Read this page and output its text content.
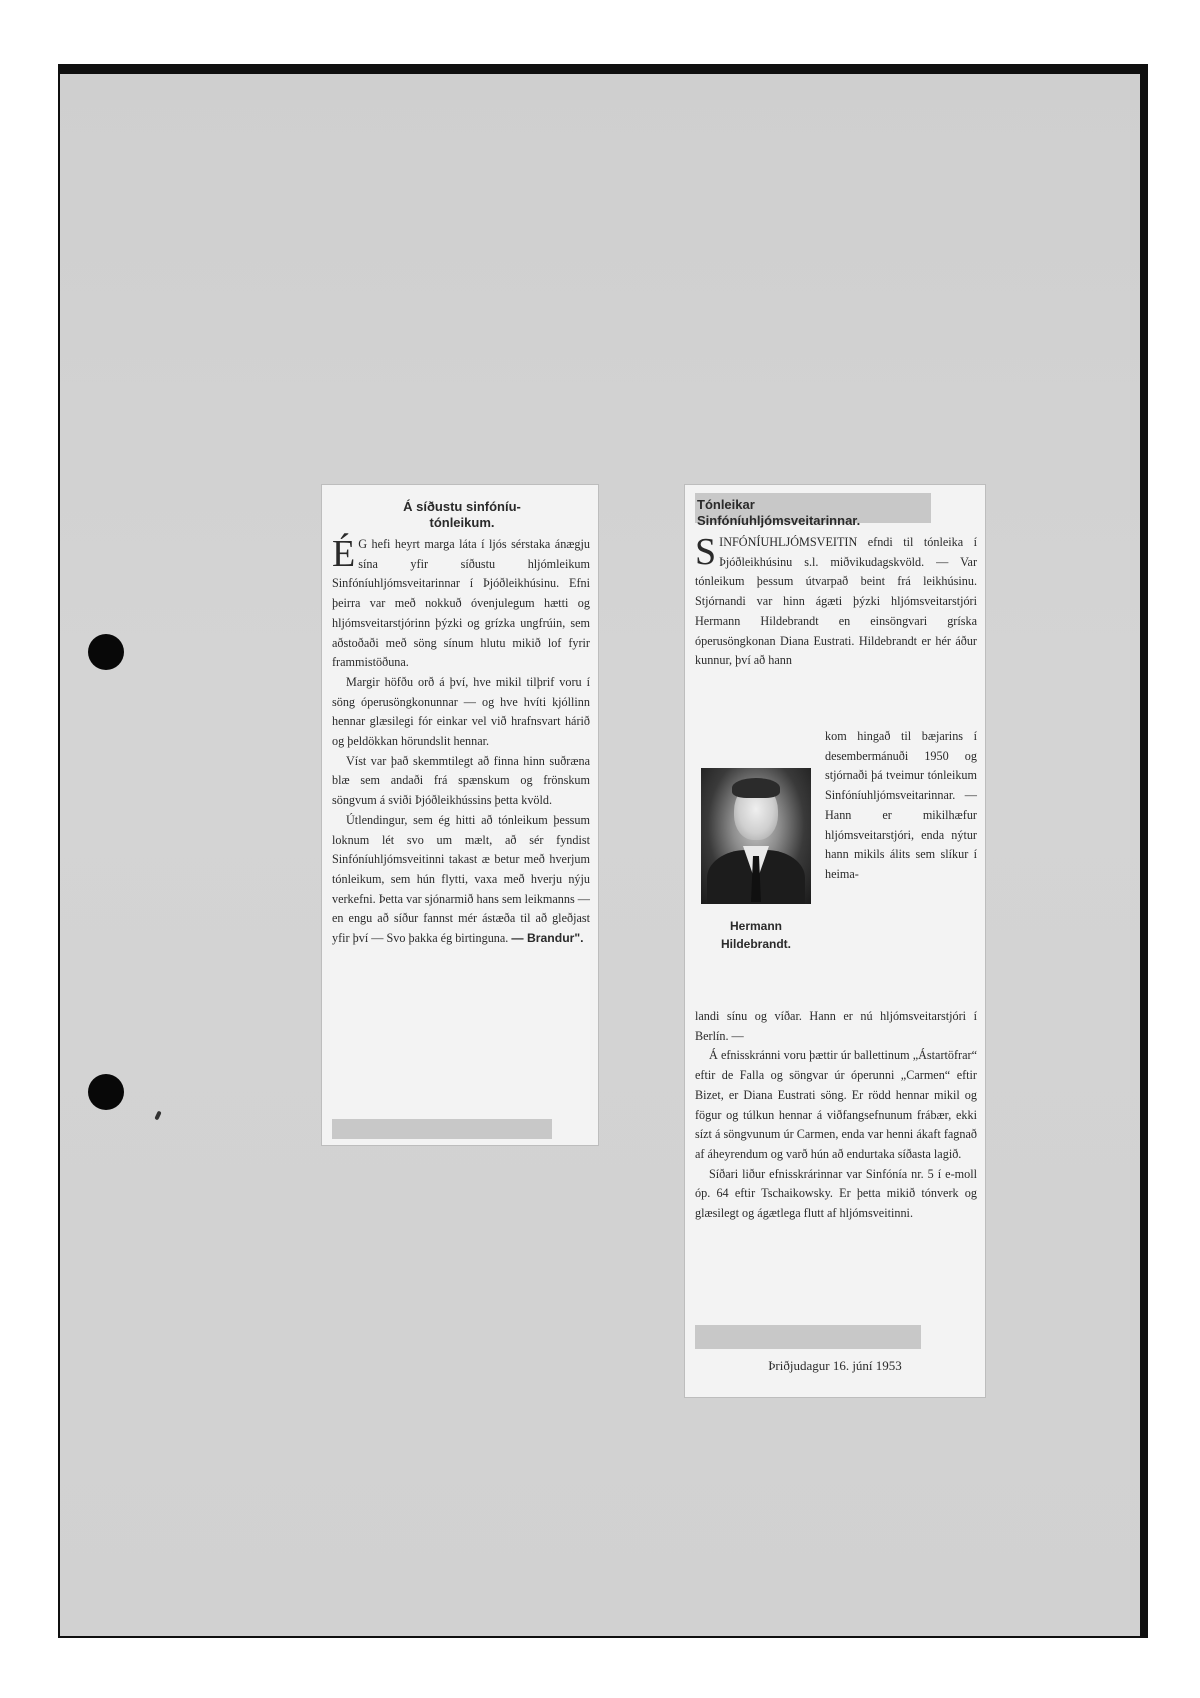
Á síðustu sinfóníu-
tónleikum.

É G hefi heyrt marga láta í ljós sérstaka ánægju sína yfir síðustu hljómleikum Sinfóníuhljómsveitarinnar í Þjóðleikhúsinu. Efni þeirra var með nokkuð óvenjulegum hætti og hljómsveitarstjórinn þýzki og grízka ungfrúin, sem aðstoðaði með söng sínum hlutu mikið lof fyrir frammistöðuna.

Margir höfðu orð á því, hve mikil tilþrif voru í söng óperusöngkonunnar — og hve hvíti kjóllinn hennar glæsilegi fór einkar vel við hrafnsvart hárið og þeldökkan hörundslit hennar.

Víst var það skemmtilegt að finna hinn suðræna blæ sem andaði frá spænskum og frönskum söngvum á sviði Þjóðleikhússins þetta kvöld.

Útlendingur, sem ég hitti að tónleikum þessum loknum lét svo um mælt, að sér fyndist Sinfóníuhljómsveitinni takast æ betur með hverjum tónleikum, sem hún flytti, vaxa með hverju nýju verkefni. Þetta var sjónarmið hans sem leikmanns — en engu að síður fannst mér ástæða til að gleðjast yfir því — Svo þakka ég birtinguna. — Brandur".

Tónleikar
Sinfóníuhljómsveitarinnar.

SINFÓNÍUHLJÓMSVEITIN efndi til tónleika í Þjóðleikhúsinu s.l. miðvikudagskvöld. — Var tónleikum þessum útvarpað beint frá leikhúsinu. Stjórnandi var hinn ágæti þýzki hljómsveitarstjóri Hermann Hildebrandt en einsöngvari gríska óperusöngkonan Diana Eustrati. Hildebrandt er hér áður kunnur, því að hann

Hermann
Hildebrandt.

kom hingað til bæjarins í desembermánuði 1950 og stjórnaði þá tveimur tónleikum Sinfóníuhljómsveitarinnar. — Hann er mikilhæfur hljómsveitarstjóri, enda nýtur hann mikils álits sem slíkur í heima-

landi sínu og víðar. Hann er nú hljómsveitarstjóri í Berlín. —

Á efnisskránni voru þættir úr ballettinum „Ástartöfrar“ eftir de Falla og söngvar úr óperunni „Carmen“ eftir Bizet, er Diana Eustrati söng. Er rödd hennar mikil og fögur og túlkun hennar á viðfangsefnunum frábær, ekki sízt á söngvunum úr Carmen, enda var henni ákaft fagnað af áheyrendum og varð hún að endurtaka síðasta lagið.

Síðari liður efnisskrárinnar var Sinfónía nr. 5 í e-moll óp. 64 eftir Tschaikowsky. Er þetta mikið tónverk og glæsilegt og ágætlega flutt af hljómsveitinni.

Þriðjudagur 16. júní 1953
